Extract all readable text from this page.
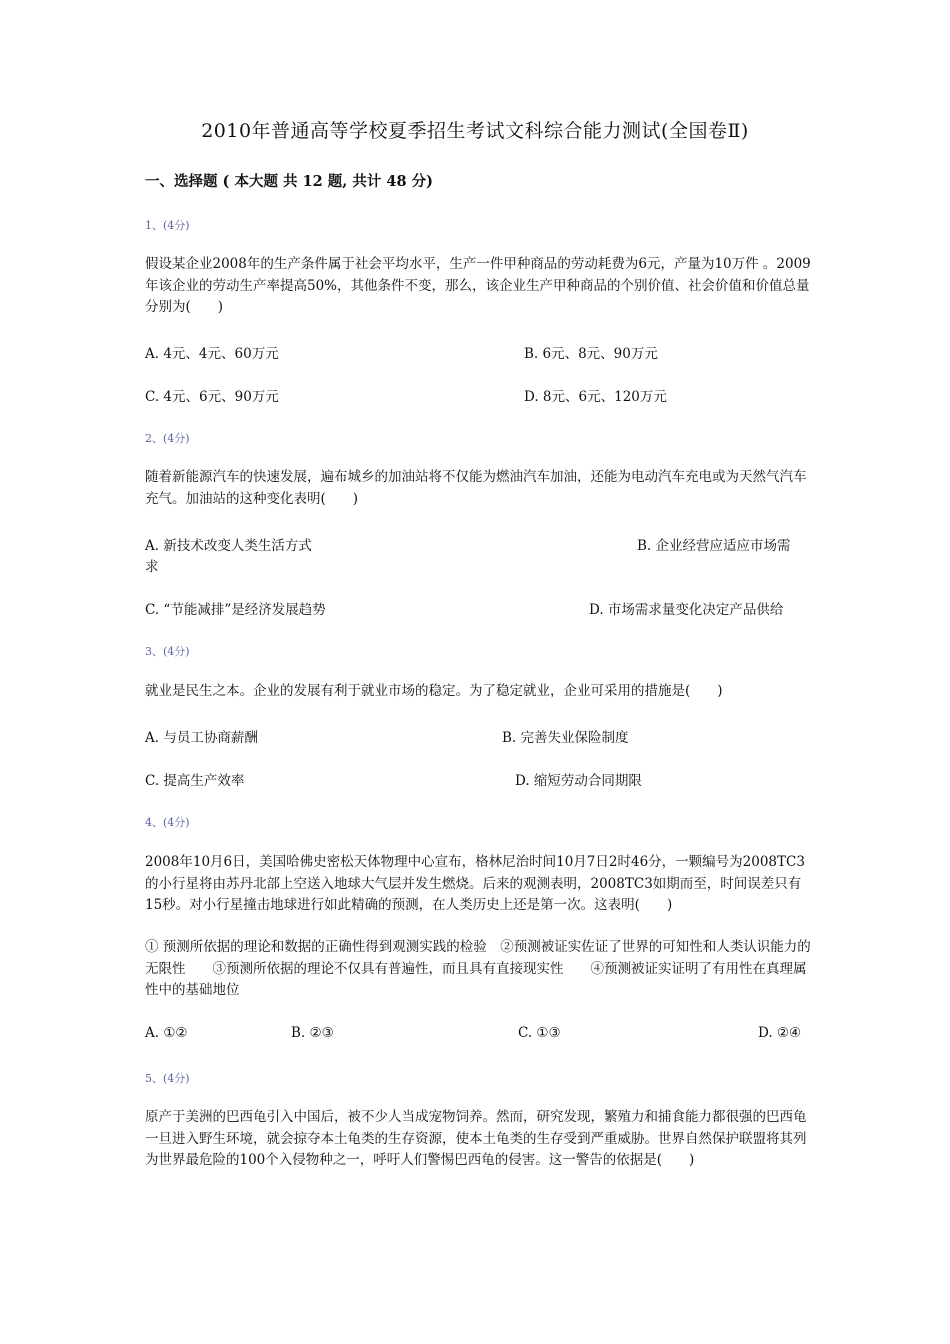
2010年普通高等学校夏季招生考试文科综合能力测试(全国卷Ⅱ)
一、选择题 ( 本大题 共 12 题, 共计 48 分)
1、(4分)
假设某企业2008年的生产条件属于社会平均水平，生产一件甲种商品的劳动耗费为6元，产量为10万件 。2009年该企业的劳动生产率提高50%，其他条件不变，那么，该企业生产甲种商品的个别价值、社会价值和价值总量分别为(　　)
A. 4元、4元、60万元	B. 6元、8元、90万元
C. 4元、6元、90万元	D. 8元、6元、120万元
2、(4分)
随着新能源汽车的快速发展，遍布城乡的加油站将不仅能为燃油汽车加油，还能为电动汽车充电或为天然气汽车充气。加油站的这种变化表明(　　)
A. 新技术改变人类生活方式	B. 企业经营应适应市场需
求
C. “节能减排”是经济发展趋势	D. 市场需求量变化决定产品供给
3、(4分)
就业是民生之本。企业的发展有利于就业市场的稳定。为了稳定就业，企业可采用的措施是(　　)
A. 与员工协商薪酬	B. 完善失业保险制度
C. 提高生产效率	D. 缩短劳动合同期限
4、(4分)
2008年10月6日，美国哈佛史密松天体物理中心宣布，格林尼治时间10月7日2时46分，一颗编号为2008TC3的小行星将由苏丹北部上空送入地球大气层并发生燃烧。后来的观测表明，2008TC3如期而至，时间误差只有15秒。对小行星撞击地球进行如此精确的预测，在人类历史上还是第一次。这表明(　　)
① 预测所依据的理论和数据的正确性得到观测实践的检验　②预测被证实佐证了世界的可知性和人类认识能力的无限性　　③预测所依据的理论不仅具有普遍性，而且具有直接现实性　　④预测被证实证明了有用性在真理属性中的基础地位
A. ①②	B. ②③	C. ①③	D. ②④
5、(4分)
原产于美洲的巴西龟引入中国后，被不少人当成宠物饲养。然而，研究发现，繁殖力和捕食能力都很强的巴西龟一旦进入野生环境，就会掠夺本土龟类的生存资源，使本土龟类的生存受到严重威胁。世界自然保护联盟将其列为世界最危险的100个入侵物种之一，呼吁人们警惕巴西龟的侵害。这一警告的依据是(　　)
